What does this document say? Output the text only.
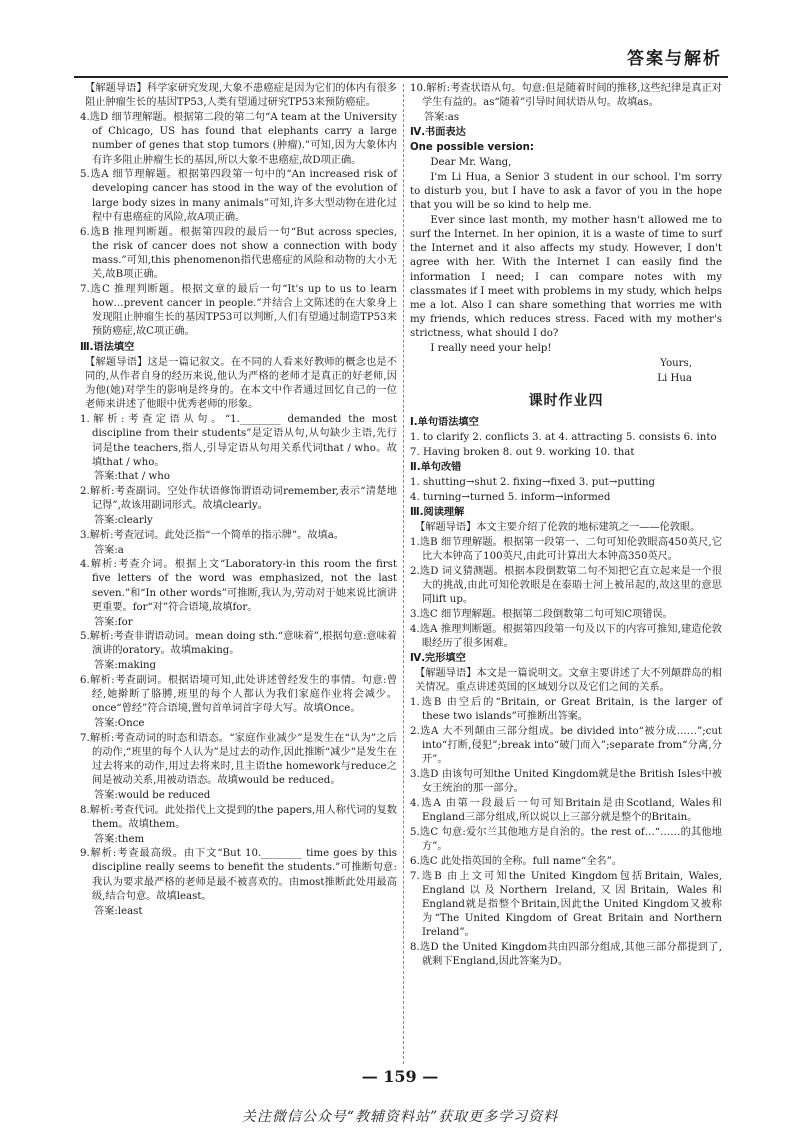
答案与解析

【解题导语】科学家研究发现,大象不患癌症是因为它们的体内有很多阻止肿瘤生长的基因TP53,人类有望通过研究TP53来预防癌症。

4.选D 细节理解题。根据第二段的第二句“A team at the University of Chicago, US has found that elephants carry a large number of genes that stop tumors (肿瘤).”可知,因为大象体内有许多阻止肿瘤生长的基因,所以大象不患癌症,故D项正确。

5.选A 细节理解题。根据第四段第一句中的“An increased risk of developing cancer has stood in the way of the evolution of large body sizes in many animals”可知,许多大型动物在进化过程中有患癌症的风险,故A项正确。

6.选B 推理判断题。根据第四段的最后一句“But across species, the risk of cancer does not show a connection with body mass.”可知,this phenomenon指代患癌症的风险和动物的大小无关,故B项正确。

7.选C 推理判断题。根据文章的最后一句“It's up to us to learn how…prevent cancer in people.”并结合上文陈述的在大象身上发现阻止肿瘤生长的基因TP53可以判断,人们有望通过制造TP53来预防癌症,故C项正确。

Ⅲ.语法填空

【解题导语】这是一篇记叙文。在不同的人看来好教师的概念也是不同的,从作者自身的经历来说,他认为严格的老师才是真正的好老师,因为他(她)对学生的影响是终身的。在本文中作者通过回忆自己的一位老师来讲述了他眼中优秀老师的形象。

1.解析:考查定语从句。“1.________ demanded the most discipline from their students”是定语从句,从句缺少主语,先行词是the teachers,指人,引导定语从句用关系代词that / who。故填that / who。

答案:that / who

2.解析:考查副词。空处作状语修饰谓语动词remember,表示“清楚地记得”,故该用副词形式。故填clearly。

答案:clearly

3.解析:考查冠词。此处泛指“一个简单的指示牌”。故填a。

答案:a

4.解析:考查介词。根据上文“Laboratory-in this room the first five letters of the word was emphasized, not the last seven.”和“In other words”可推断,我认为,劳动对于她来说比演讲更重要。for“对”符合语境,故填for。

答案:for

5.解析:考查非谓语动词。mean doing sth.“意味着”,根据句意:意味着演讲的oratory。故填making。

答案:making

6.解析:考查副词。根据语境可知,此处讲述曾经发生的事情。句意:曾经,她擀断了胳膊,班里的每个人都认为我们家庭作业将会减少。once“曾经”符合语境,置句首单词首字母大写。故填Once。

答案:Once

7.解析:考查动词的时态和语态。“家庭作业减少”是发生在“认为”之后的动作,“班里的每个人认为”是过去的动作,因此推断“减少”是发生在过去将来的动作,用过去将来时,且主语the homework与reduce之间是被动关系,用被动语态。故填would be reduced。

答案:would be reduced

8.解析:考查代词。此处指代上文提到的the papers,用人称代词的复数them。故填them。

答案:them

9.解析:考查最高级。由下文“But 10.________ time goes by this discipline really seems to benefit the students.”可推断句意:我认为要求最严格的老师是最不被喜欢的。由most推断此处用最高级,结合句意。故填least。

答案:least

10.解析:考查状语从句。句意:但是随着时间的推移,这些纪律是真正对学生有益的。as“随着”引导时间状语从句。故填as。

答案:as

Ⅳ.书面表达

One possible version:

Dear Mr. Wang,

I'm Li Hua, a Senior 3 student in our school. I'm sorry to disturb you, but I have to ask a favor of you in the hope that you will be so kind to help me.

Ever since last month, my mother hasn't allowed me to surf the Internet. In her opinion, it is a waste of time to surf the Internet and it also affects my study. However, I don't agree with her. With the Internet I can easily find the information I need; I can compare notes with my classmates if I meet with problems in my study, which helps me a lot. Also I can share something that worries me with my friends, which reduces stress. Faced with my mother's strictness, what should I do?

I really need your help!

Yours,

Li Hua

课时作业四

Ⅰ.单句语法填空

1. to clarify 2. conflicts 3. at 4. attracting 5. consists 6. into

7. Having broken 8. out 9. working 10. that

Ⅱ.单句改错

1. shutting→shut 2. fixing→fixed 3. put→putting

4. turning→turned 5. inform→informed

Ⅲ.阅读理解

【解题导语】本文主要介绍了伦敦的地标建筑之一——伦敦眼。

1.选B 细节理解题。根据第一段第一、二句可知伦敦眼高450英尺,它比大本钟高了100英尺,由此可计算出大本钟高350英尺。

2.选D 词义猜测题。根据本段倒数第二句不知把它直立起来是一个很大的挑战,由此可知伦敦眼是在泰晤士河上被吊起的,故这里的意思同lift up。

3.选C 细节理解题。根据第二段倒数第二句可知C项错误。

4.选A 推理判断题。根据第四段第一句及以下的内容可推知,建造伦敦眼经历了很多困难。

Ⅳ.完形填空

【解题导语】本文是一篇说明文。文章主要讲述了大不列颠群岛的相关情况。重点讲述英国的区域划分以及它们之间的关系。

1.选B 由空后的“Britain, or Great Britain, is the larger of these two islands”可推断出答案。

2.选A 大不列颠由三部分组成。be divided into“被分成……”;cut into“打断,侵犯”;break into“破门而入”;separate from“分离,分开”。

3.选D 由该句可知the United Kingdom就是the British Isles中被女王统治的那一部分。

4.选A 由第一段最后一句可知Britain是由Scotland, Wales和England三部分组成,所以说以上三部分就是整个的Britain。

5.选C 句意:爱尔兰其他地方是自治的。the rest of…“……的其他地方”。

6.选C 此处指英国的全称。full name“全名”。

7.选B 由上文可知the United Kingdom包括Britain, Wales, England以及Northern Ireland,又因Britain, Wales和England就是指整个Britain,因此the United Kingdom又被称为“The United Kingdom of Great Britain and Northern Ireland”。

8.选D the United Kingdom共由四部分组成,其他三部分都提到了,就剩下England,因此答案为D。

— 159 —
关注微信公众号“教辅资料站”获取更多学习资料
